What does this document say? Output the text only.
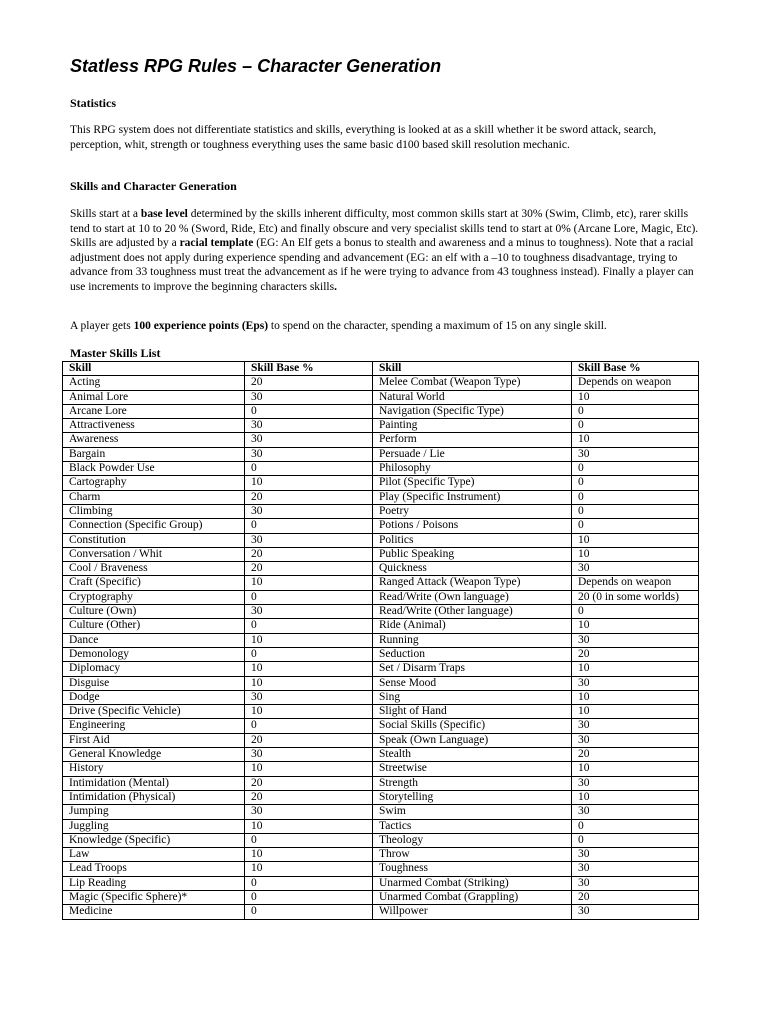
Statless RPG Rules – Character Generation
Statistics

This RPG system does not differentiate statistics and skills, everything is looked at as a skill whether it be sword attack, search, perception, whit, strength or toughness everything uses the same basic d100 based skill resolution mechanic.

Skills and Character Generation

Skills start at a base level determined by the skills inherent difficulty, most common skills start at 30% (Swim, Climb, etc), rarer skills tend to start at 10 to 20 % (Sword, Ride, Etc) and finally obscure and very specialist skills tend to start at 0% (Arcane Lore, Magic, Etc). Skills are adjusted by a racial template (EG: An Elf gets a bonus to stealth and awareness and a minus to toughness). Note that a racial adjustment does not apply during experience spending and advancement (EG: an elf with a –10 to toughness disadvantage, trying to advance from 33 toughness must treat the advancement as if he were trying to advance from 43 toughness instead). Finally a player can use increments to improve the beginning characters skills.

A player gets 100 experience points (Eps) to spend on the character, spending a maximum of 15 on any single skill.

Master Skills List
Skill	Skill Base %	Skill	Skill Base %
Acting	20	Melee Combat (Weapon Type)	Depends on weapon
Animal Lore	30	Natural World	10
Arcane Lore	0	Navigation (Specific Type)	0
Attractiveness	30	Painting	0
Awareness	30	Perform	10
Bargain	30	Persuade / Lie	30
Black Powder Use	0	Philosophy	0
Cartography	10	Pilot (Specific Type)	0
Charm	20	Play (Specific Instrument)	0
Climbing	30	Poetry	0
Connection (Specific Group)	0	Potions / Poisons	0
Constitution	30	Politics	10
Conversation / Whit	20	Public Speaking	10
Cool / Braveness	20	Quickness	30
Craft (Specific)	10	Ranged Attack (Weapon Type)	Depends on weapon
Cryptography	0	Read/Write (Own language)	20 (0 in some worlds)
Culture (Own)	30	Read/Write (Other language)	0
Culture (Other)	0	Ride (Animal)	10
Dance	10	Running	30
Demonology	0	Seduction	20
Diplomacy	10	Set / Disarm Traps	10
Disguise	10	Sense Mood	30
Dodge	30	Sing	10
Drive (Specific Vehicle)	10	Slight of Hand	10
Engineering	0	Social Skills (Specific)	30
First Aid	20	Speak (Own Language)	30
General Knowledge	30	Stealth	20
History	10	Streetwise	10
Intimidation (Mental)	20	Strength	30
Intimidation (Physical)	20	Storytelling	10
Jumping	30	Swim	30
Juggling	10	Tactics	0
Knowledge (Specific)	0	Theology	0
Law	10	Throw	30
Lead Troops	10	Toughness	30
Lip Reading	0	Unarmed Combat (Striking)	30
Magic (Specific Sphere)*	0	Unarmed Combat (Grappling)	20
Medicine	0	Willpower	30
